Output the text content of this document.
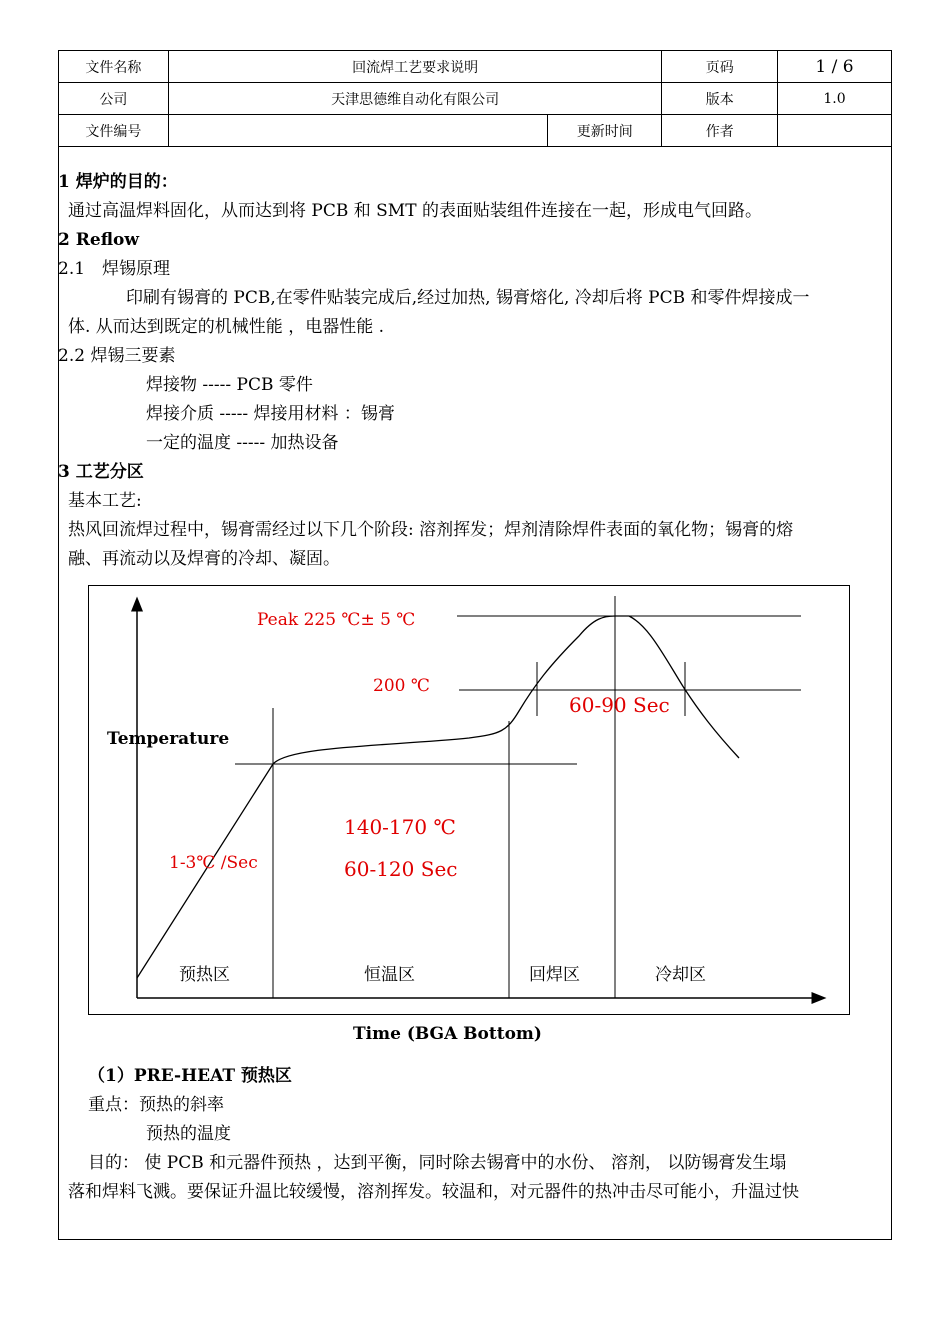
文件名称	回流焊工艺要求说明		页码	1 / 6
公司	天津思德维自动化有限公司		版本	1.0
文件编号		更新时间	作者	

1 焊炉的目的：

通过高温焊料固化，从而达到将 PCB 和 SMT 的表面贴装组件连接在一起，形成电气回路。

2 Reflow

2.1　焊锡原理

印刷有锡膏的 PCB,在零件贴装完成后,经过加热, 锡膏熔化, 冷却后将 PCB 和零件焊接成一

体. 从而达到既定的机械性能 ，电器性能 .

2.2 焊锡三要素

焊接物 ----- PCB 零件

焊接介质 ----- 焊接用材料 ：锡膏

一定的温度 ----- 加热设备

3 工艺分区

基本工艺:

热风回流焊过程中，锡膏需经过以下几个阶段: 溶剂挥发；焊剂清除焊件表面的氧化物；锡膏的熔

融、再流动以及焊膏的冷却、凝固。

Peak 225 ℃± 5 ℃
200 ℃
60-90 Sec
Temperature
140-170 ℃
60-120 Sec
1-3℃ /Sec
预热区	恒温区	回焊区	冷却区
Time (BGA Bottom)

（1）PRE-HEAT 预热区

重点：预热的斜率

预热的温度

目的： 使 PCB 和元器件预热 ，达到平衡，同时除去锡膏中的水份、 溶剂， 以防锡膏发生塌

落和焊料飞溅。要保证升温比较缓慢，溶剂挥发。较温和，对元器件的热冲击尽可能小，升温过快
